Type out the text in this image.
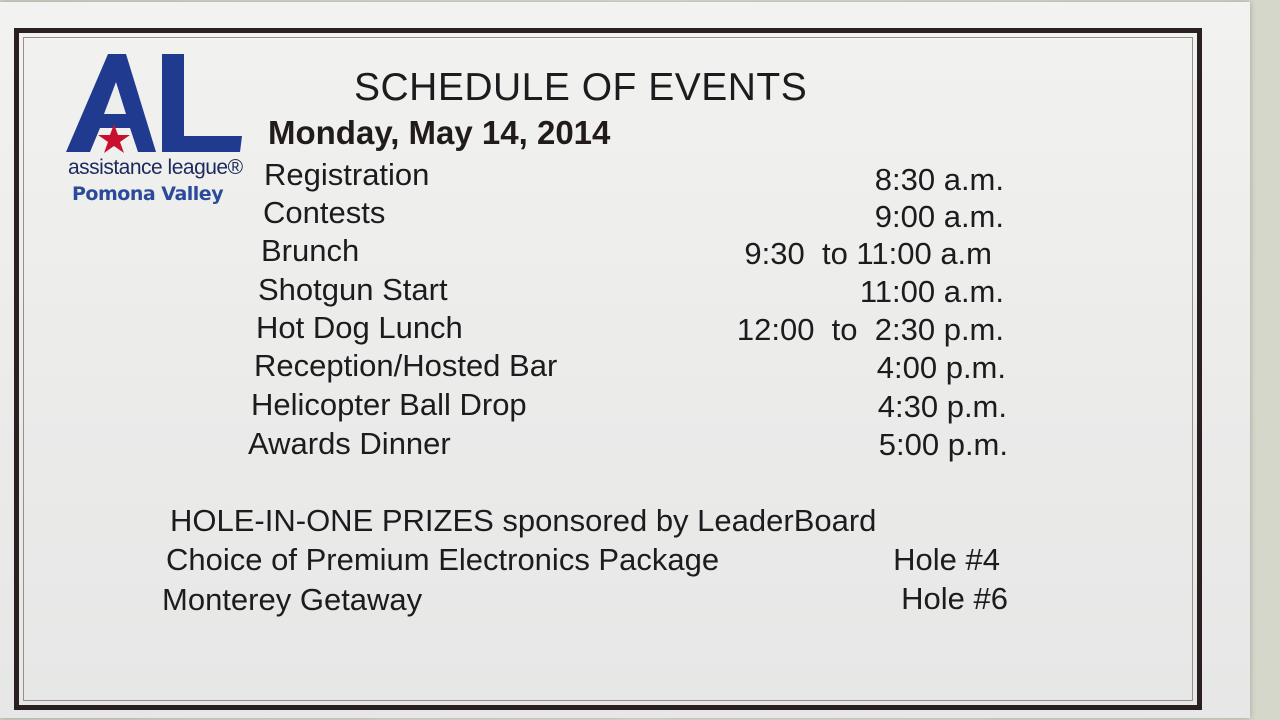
assistance league®
Pomona Valley
SCHEDULE OF EVENTS
Monday, May 14, 2014
Registration	8:30 a.m.
Contests	9:00 a.m.
Brunch	9:30  to 11:00 a.m
Shotgun Start	11:00 a.m.
Hot Dog Lunch	12:00  to  2:30 p.m.
Reception/Hosted Bar	4:00 p.m.
Helicopter Ball Drop	4:30 p.m.
Awards Dinner	5:00 p.m.
HOLE-IN-ONE PRIZES sponsored by LeaderBoard
Choice of Premium Electronics Package	Hole #4
Monterey Getaway	Hole #6
